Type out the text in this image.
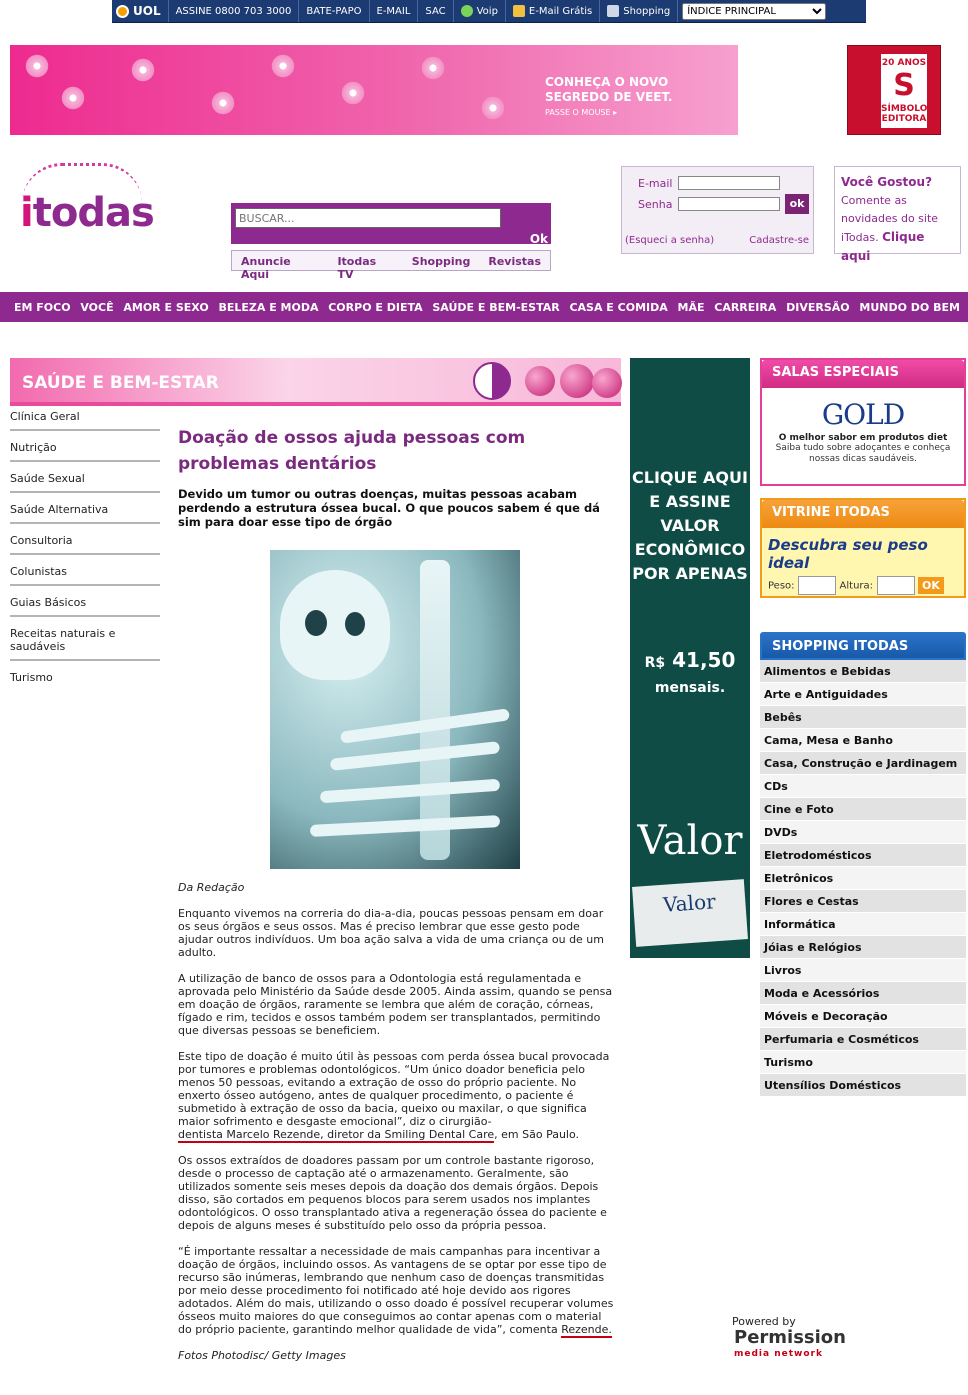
UOL	ASSINE 0800 703 3000	BATE-PAPO	E-MAIL	SAC	Voip	E-Mail Grátis	Shopping
ÍNDICE PRINCIPAL
CONHEÇA O NOVO
SEGREDO DE VEET.
PASSE O MOUSE ▸
20 ANOS
S
SÍMBOLO
EDITORA
itodas
BUSCAR...
Ok
Anuncie Aqui
Itodas TV
Shopping	Revistas
E-mail
Senha	ok
(Esqueci a senha)	Cadastre-se
Você Gostou?
Comente as novidades do site iTodas. Clique aqui
EM FOCO VOCÊ AMOR E SEXO BELEZA E MODA CORPO E DIETA SAÚDE E BEM-ESTAR CASA E COMIDA MÃE CARREIRA DIVERSÃO MUNDO DO BEM
SAÚDE E BEM-ESTAR
Clínica Geral
Nutrição
Saúde Sexual
Saúde Alternativa
Consultoria
Colunistas
Guias Básicos
Receitas naturais e saudáveis
Turismo
Doação de ossos ajuda pessoas com problemas dentários
Devido um tumor ou outras doenças, muitas pessoas acabam perdendo a estrutura óssea bucal. O que poucos sabem é que dá sim para doar esse tipo de órgão

Da Redação

Enquanto vivemos na correria do dia-a-dia, poucas pessoas pensam em doar os seus órgãos e seus ossos. Mas é preciso lembrar que esse gesto pode ajudar outros indivíduos. Um boa ação salva a vida de uma criança ou de um adulto.

A utilização de banco de ossos para a Odontologia está regulamentada e aprovada pelo Ministério da Saúde desde 2005. Ainda assim, quando se pensa em doação de órgãos, raramente se lembra que além de coração, córneas, fígado e rim, tecidos e ossos também podem ser transplantados, permitindo que diversas pessoas se beneficiem.

Este tipo de doação é muito útil às pessoas com perda óssea bucal provocada por tumores e problemas odontológicos. “Um único doador beneficia pelo menos 50 pessoas, evitando a extração de osso do próprio paciente. No enxerto ósseo autógeno, antes de qualquer procedimento, o paciente é submetido à extração de osso da bacia, queixo ou maxilar, o que significa maior sofrimento e desgaste emocional”, diz o cirurgião-
dentista Marcelo Rezende, diretor da Smiling Dental Care, em São Paulo.

Os ossos extraídos de doadores passam por um controle bastante rigoroso, desde o processo de captação até o armazenamento. Geralmente, são utilizados somente seis meses depois da doação dos demais órgãos. Depois disso, são cortados em pequenos blocos para serem usados nos implantes odontológicos. O osso transplantado ativa a regeneração óssea do paciente e depois de alguns meses é substituído pelo osso da própria pessoa.

“É importante ressaltar a necessidade de mais campanhas para incentivar a doação de órgãos, incluindo ossos. As vantagens de se optar por esse tipo de recurso são inúmeras, lembrando que nenhum caso de doenças transmitidas por meio desse procedimento foi notificado até hoje devido aos rigores adotados. Além do mais, utilizando o osso doado é possível recuperar volumes ósseos muito maiores do que conseguimos ao contar apenas com o material do próprio paciente, garantindo melhor qualidade de vida”, comenta Rezende.

Fotos Photodisc/ Getty Images

CLIQUE AQUI E ASSINE VALOR ECONÔMICO POR APENAS
R$ 41,50
mensais.
Valor
Valor
SALAS ESPECIAIS
GOLD
O melhor sabor em produtos diet
Saiba tudo sobre adoçantes e conheça nossas dicas saudáveis.
VITRINE ITODAS
Descubra seu peso ideal
Peso:	Altura:	OK
SHOPPING ITODAS
Alimentos e Bebidas
Arte e Antiguidades
Bebês
Cama, Mesa e Banho
Casa, Construção e Jardinagem
CDs
Cine e Foto
DVDs
Eletrodomésticos
Eletrônicos
Flores e Cestas
Informática
Jóias e Relógios
Livros
Moda e Acessórios
Móveis e Decoração
Perfumaria e Cosméticos
Turismo
Utensílios Domésticos
Powered by
Permission
media network
